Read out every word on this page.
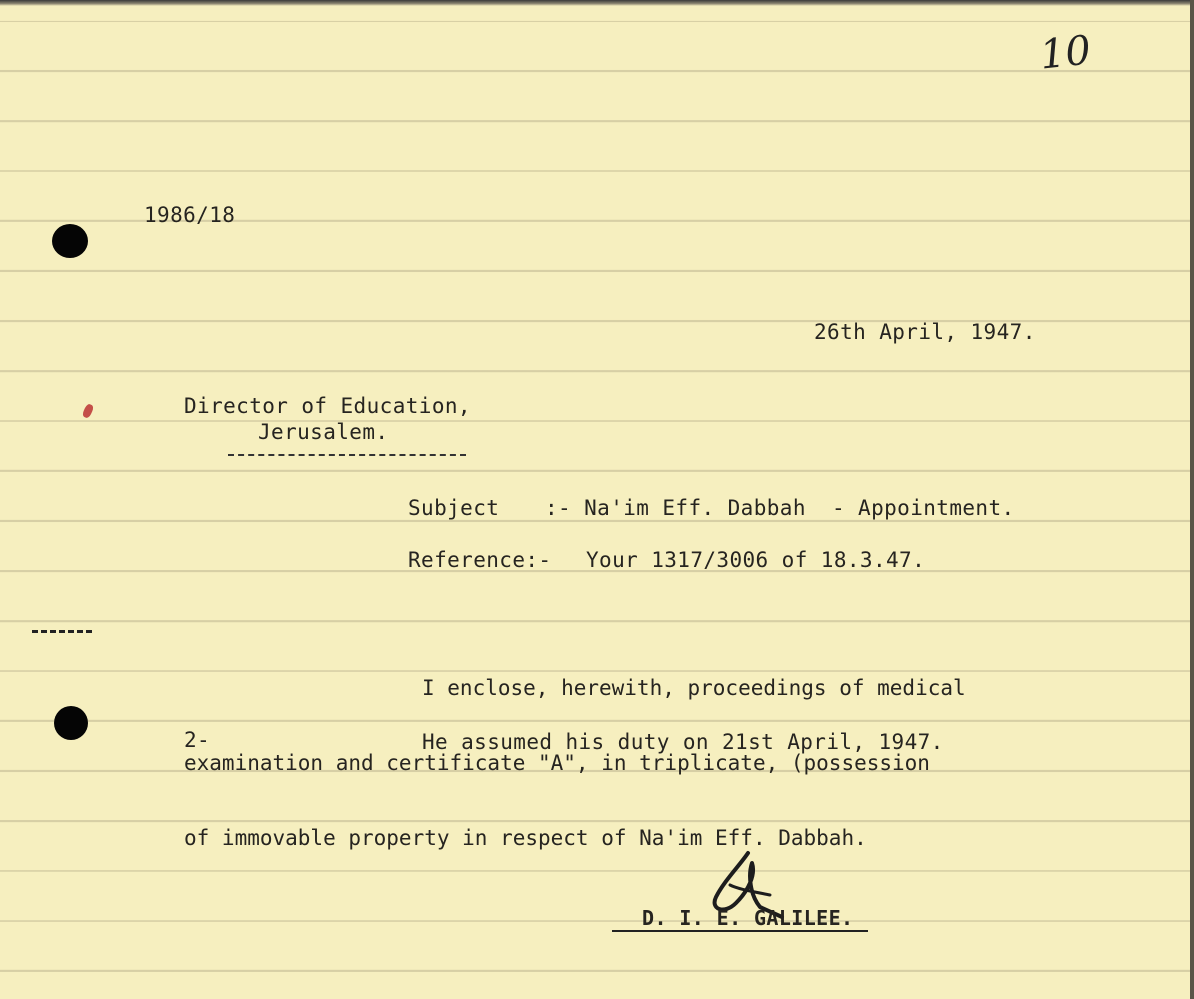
10
1986/18
26th April, 1947.
Director of Education,
Jerusalem.
Subject :- Na'im Eff. Dabbah  - Appointment.
Reference:- Your 1317/3006 of 18.3.47.

I enclose, herewith, proceedings of medical

examination and certificate "A", in triplicate, (possession

of immovable property in respect of Na'im Eff. Dabbah.

2-	He assumed his duty on 21st April, 1947.
D. I. E. GALILEE.
